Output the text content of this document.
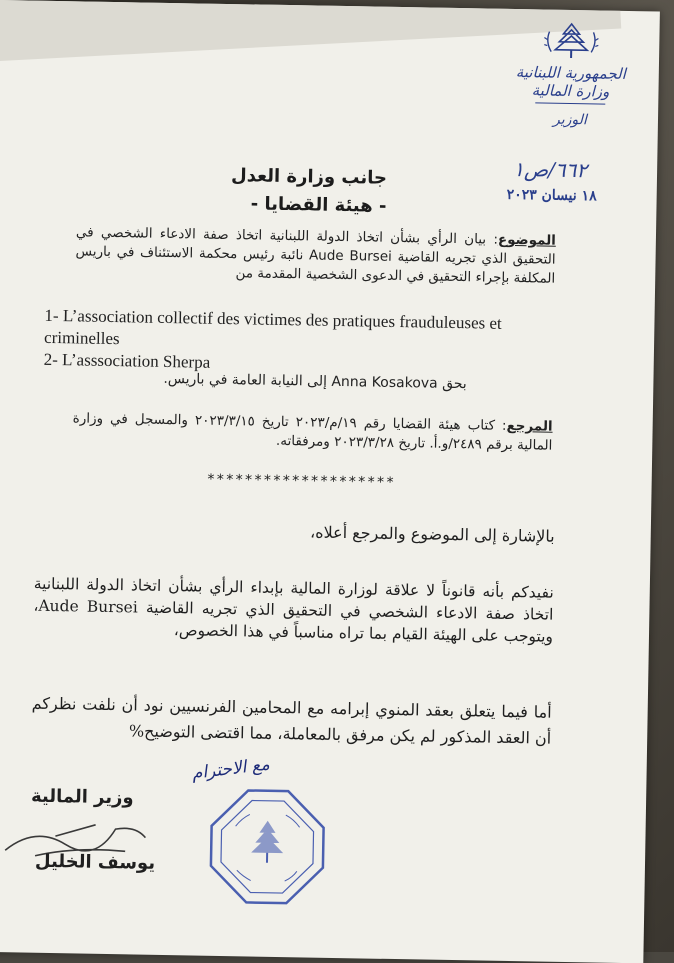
الجمهورية اللبنانية
وزارة المالية
الوزير
٦٦٢/ص١
١٨ نيسان ٢٠٢٣
جانب وزارة العدل
- هيئة القضايا -
الموضوع: بيان الرأي بشأن اتخاذ الدولة اللبنانية اتخاذ صفة الادعاء الشخصي في التحقيق الذي تجريه القاضية Aude Bursei نائبة رئيس محكمة الاستئناف في باريس المكلفة بإجراء التحقيق في الدعوى الشخصية المقدمة من
1- L’association collectif des victimes des pratiques frauduleuses et criminelles
2- L’asssociation Sherpa
بحق Anna Kosakova إلى النيابة العامة في باريس.
المرجع: كتاب هيئة القضايا رقم ١٩/م/٢٠٢٣ تاريخ ٢٠٢٣/٣/١٥ والمسجل في وزارة المالية برقم ٢٤٨٩/و.أ. تاريخ ٢٠٢٣/٣/٢٨ ومرفقاته.
********************
بالإشارة إلى الموضوع والمرجع أعلاه،
نفيدكم بأنه قانوناً لا علاقة لوزارة المالية بإبداء الرأي بشأن اتخاذ الدولة اللبنانية اتخاذ صفة الادعاء الشخصي في التحقيق الذي تجريه القاضية Aude Bursei، ويتوجب على الهيئة القيام بما تراه مناسباً في هذا الخصوص،
أما فيما يتعلق بعقد المنوي إبرامه مع المحامين الفرنسيين نود أن نلفت نظركم أن العقد المذكور لم يكن مرفق بالمعاملة، مما اقتضى التوضيح%
مع الاحترام
وزير المالية
يوسف الخليل
